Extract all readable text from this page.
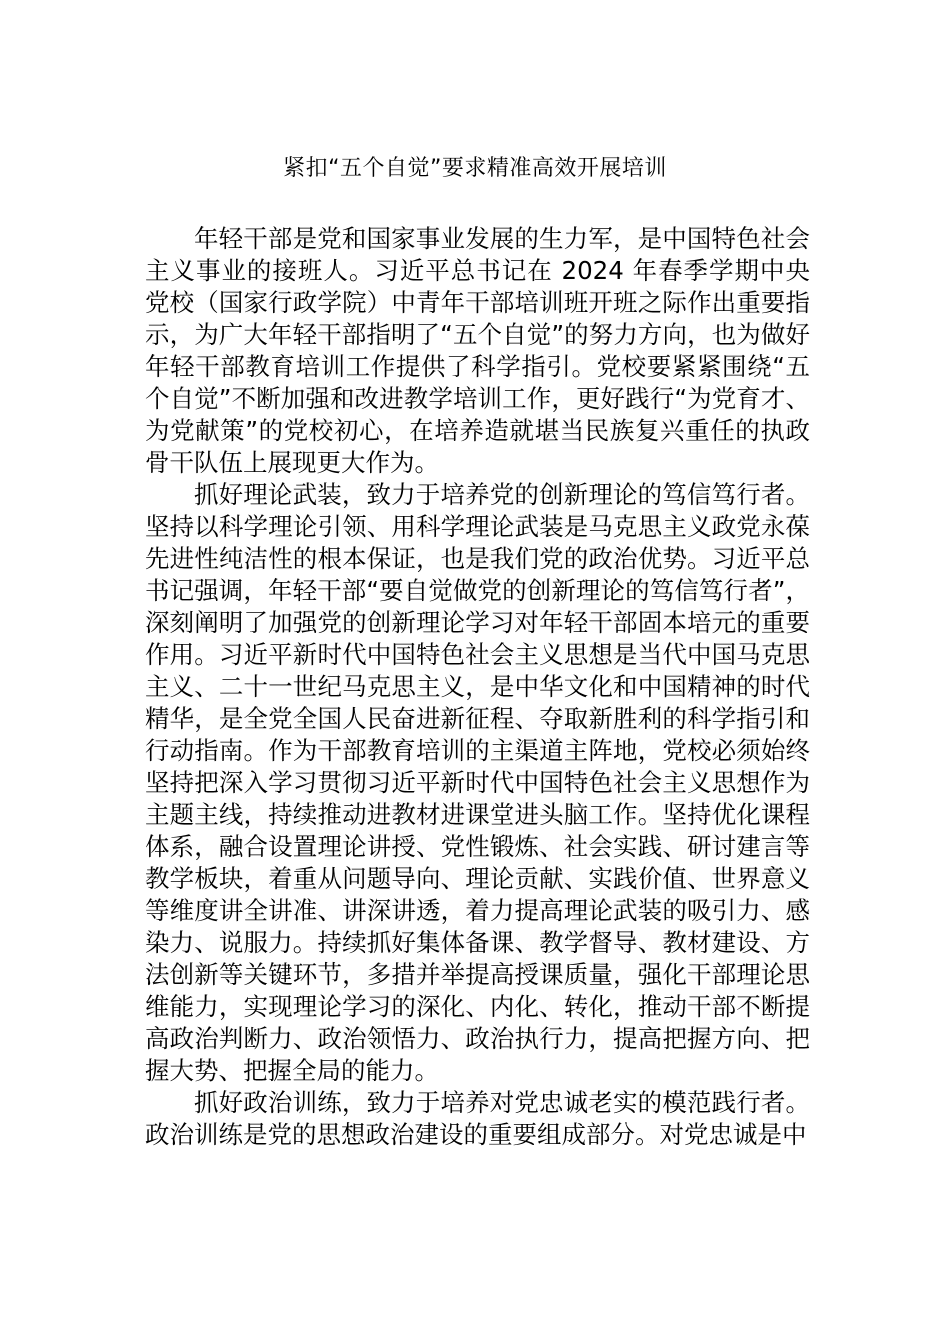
紧扣“五个自觉”要求精准高效开展培训

年轻干部是党和国家事业发展的生力军，是中国特色社会主义事业的接班人。习近平总书记在 2024 年春季学期中央党校（国家行政学院）中青年干部培训班开班之际作出重要指示，为广大年轻干部指明了“五个自觉”的努力方向，也为做好年轻干部教育培训工作提供了科学指引。党校要紧紧围绕“五个自觉”不断加强和改进教学培训工作，更好践行“为党育才、为党献策”的党校初心，在培养造就堪当民族复兴重任的执政骨干队伍上展现更大作为。

抓好理论武装，致力于培养党的创新理论的笃信笃行者。坚持以科学理论引领、用科学理论武装是马克思主义政党永葆先进性纯洁性的根本保证，也是我们党的政治优势。习近平总书记强调，年轻干部“要自觉做党的创新理论的笃信笃行者”，深刻阐明了加强党的创新理论学习对年轻干部固本培元的重要作用。习近平新时代中国特色社会主义思想是当代中国马克思主义、二十一世纪马克思主义，是中华文化和中国精神的时代精华，是全党全国人民奋进新征程、夺取新胜利的科学指引和行动指南。作为干部教育培训的主渠道主阵地，党校必须始终坚持把深入学习贯彻习近平新时代中国特色社会主义思想作为主题主线，持续推动进教材进课堂进头脑工作。坚持优化课程体系，融合设置理论讲授、党性锻炼、社会实践、研讨建言等教学板块，着重从问题导向、理论贡献、实践价值、世界意义等维度讲全讲准、讲深讲透，着力提高理论武装的吸引力、感染力、说服力。持续抓好集体备课、教学督导、教材建设、方法创新等关键环节，多措并举提高授课质量，强化干部理论思维能力，实现理论学习的深化、内化、转化，推动干部不断提高政治判断力、政治领悟力、政治执行力，提高把握方向、把握大势、把握全局的能力。

抓好政治训练，致力于培养对党忠诚老实的模范践行者。政治训练是党的思想政治建设的重要组成部分。对党忠诚是中
